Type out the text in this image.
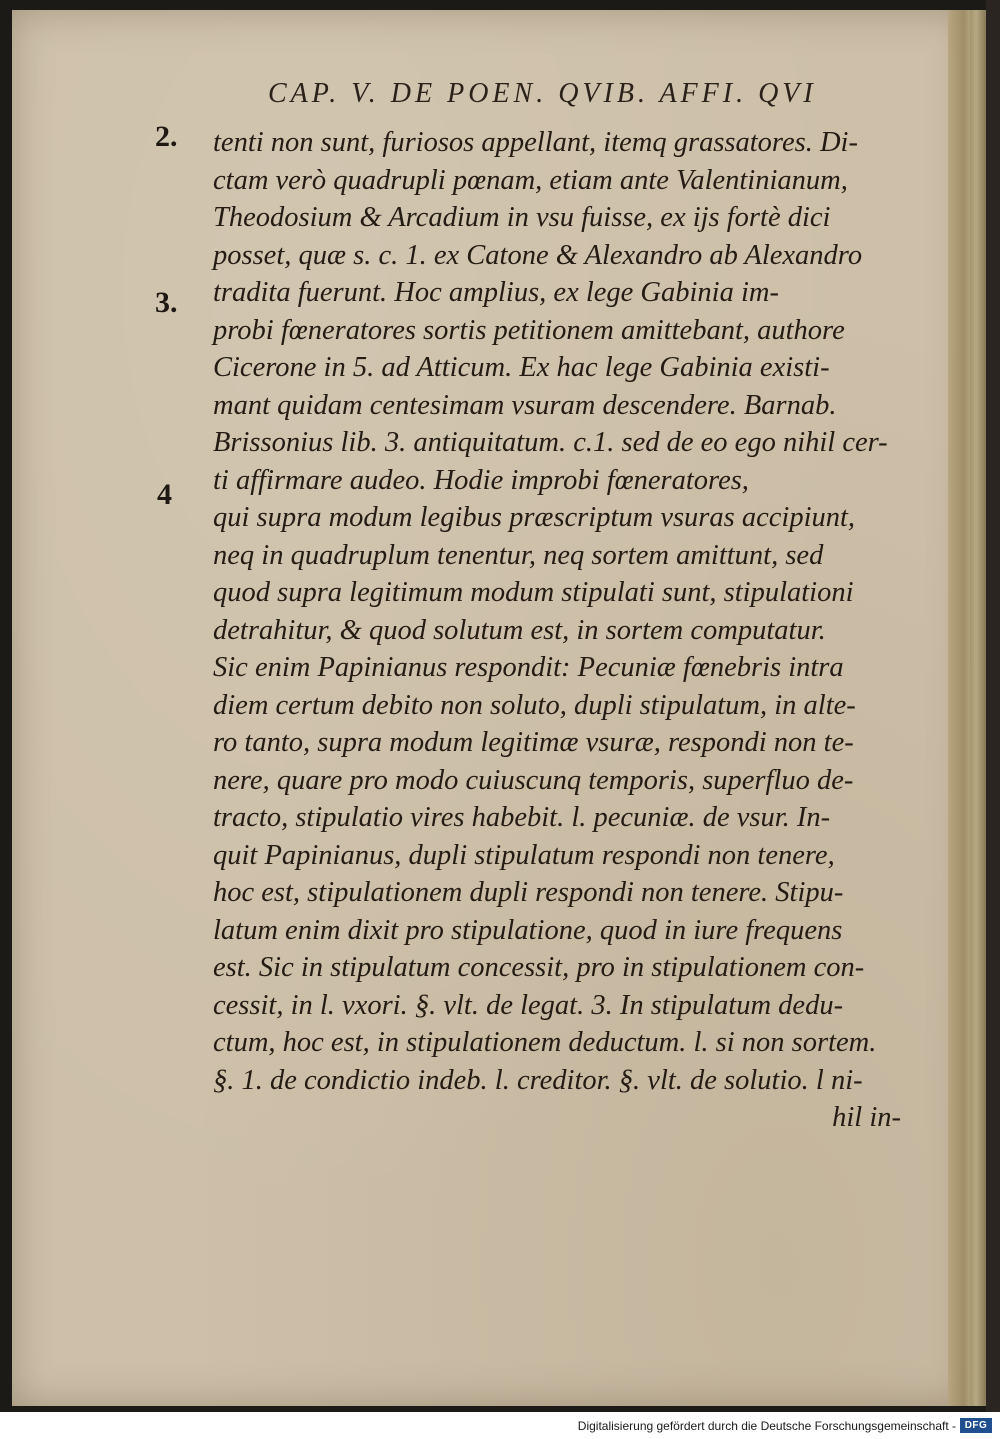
CAP. V. DE POEN. QVIB. AFFI. QVI
2.
3.
4
tenti non sunt, furiosos appellant, itemq grassatores. Di-
ctam verò quadrupli pœnam, etiam ante Valentinianum,
Theodosium & Arcadium in vsu fuisse, ex ijs fortè dici
posset, quæ s. c. 1. ex Catone & Alexandro ab Alexandro
tradita fuerunt. Hoc amplius, ex lege Gabinia im-
probi fœneratores sortis petitionem amittebant, authore
Cicerone in 5. ad Atticum. Ex hac lege Gabinia existi-
mant quidam centesimam vsuram descendere. Barnab.
Brissonius lib. 3. antiquitatum. c.1. sed de eo ego nihil cer-
ti affirmare audeo. Hodie improbi fœneratores,
qui supra modum legibus præscriptum vsuras accipiunt,
neq in quadruplum tenentur, neq sortem amittunt, sed
quod supra legitimum modum stipulati sunt, stipulationi
detrahitur, & quod solutum est, in sortem computatur.
Sic enim Papinianus respondit: Pecuniæ fœnebris intra
diem certum debito non soluto, dupli stipulatum, in alte-
ro tanto, supra modum legitimæ vsuræ, respondi non te-
nere, quare pro modo cuiuscunq temporis, superfluo de-
tracto, stipulatio vires habebit. l. pecuniæ. de vsur. In-
quit Papinianus, dupli stipulatum respondi non tenere,
hoc est, stipulationem dupli respondi non tenere. Stipu-
latum enim dixit pro stipulatione, quod in iure frequens
est. Sic in stipulatum concessit, pro in stipulationem con-
cessit, in l. vxori. §. vlt. de legat. 3. In stipulatum dedu-
ctum, hoc est, in stipulationem deductum. l. si non sortem.
§. 1. de condictio indeb. l. creditor. §. vlt. de solutio. l ni-
hil in-
Digitalisierung gefördert durch die Deutsche Forschungsgemeinschaft - DFG
